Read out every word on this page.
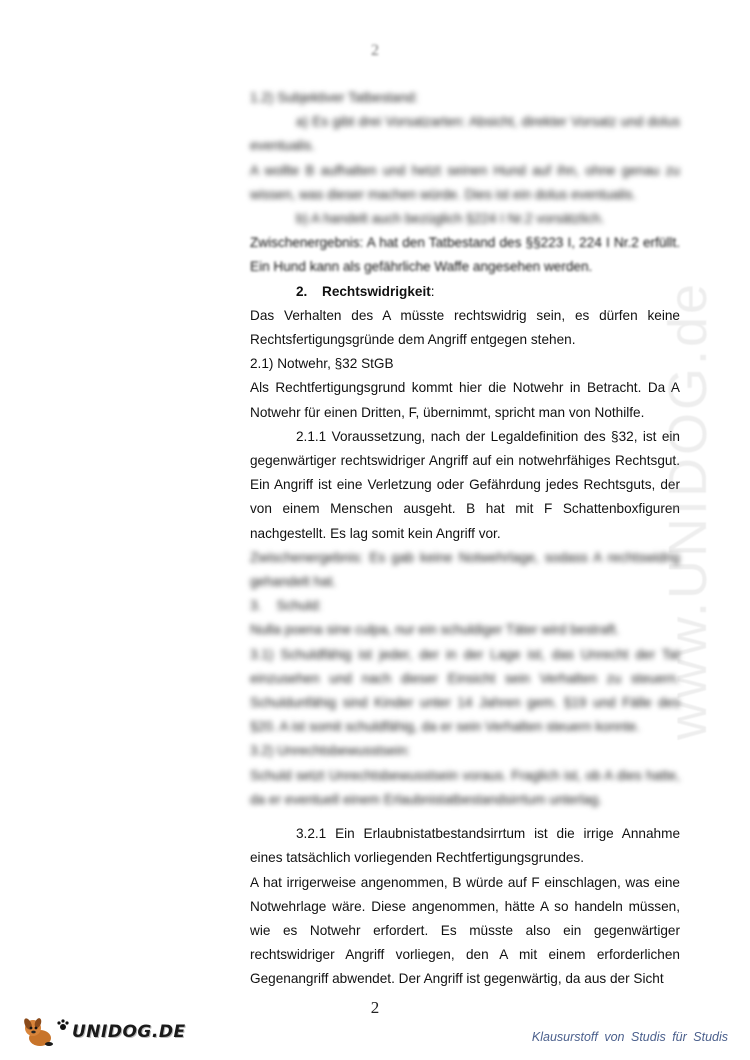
2

1.2) Subjektiver Tatbestand:

a) Es gibt drei Vorsatzarten: Absicht, direkter Vorsatz und dolus eventualis.

A wollte B aufhalten und hetzt seinen Hund auf ihn, ohne genau zu wissen, was dieser machen würde. Dies ist ein dolus eventualis.

b) A handelt auch bezüglich §224 I Nr.2 vorsätzlich.

Zwischenergebnis: A hat den Tatbestand des §§223 I, 224 I Nr.2 erfüllt. Ein Hund kann als gefährliche Waffe angesehen werden.

2. Rechtswidrigkeit:

Das Verhalten des A müsste rechtswidrig sein, es dürfen keine Rechtsfertigungsgründe dem Angriff entgegen stehen.

2.1) Notwehr, §32 StGB

Als Rechtfertigungsgrund kommt hier die Notwehr in Betracht. Da A Notwehr für einen Dritten, F, übernimmt, spricht man von Nothilfe.

2.1.1 Voraussetzung, nach der Legaldefinition des §32, ist ein gegenwärtiger rechtswidriger Angriff auf ein notwehrfähiges Rechtsgut. Ein Angriff ist eine Verletzung oder Gefährdung jedes Rechtsguts, der von einem Menschen ausgeht. B hat mit F Schattenboxfiguren nachgestellt. Es lag somit kein Angriff vor.

Zwischenergebnis: Es gab keine Notwehrlage, sodass A rechtswidrig gehandelt hat.

3.    Schuld:

Nulla poena sine culpa, nur ein schuldiger Täter wird bestraft.

3.1) Schuldfähig ist jeder, der in der Lage ist, das Unrecht der Tat einzusehen und nach dieser Einsicht sein Verhalten zu steuern. Schuldunfähig sind Kinder unter 14 Jahren gem. §19 und Fälle des §20. A ist somit schuldfähig, da er sein Verhalten steuern konnte.

3.2) Unrechtsbewusstsein:

Schuld setzt Unrechtsbewusstsein voraus. Fraglich ist, ob A dies hatte, da er eventuell einem Erlaubnistatbestandsirrtum unterlag.

3.2.1 Ein Erlaubnistatbestandsirrtum ist die irrige Annahme eines tatsächlich vorliegenden Rechtfertigungsgrundes.

A hat irrigerweise angenommen, B würde auf F einschlagen, was eine Notwehrlage wäre. Diese angenommen, hätte A so handeln müssen, wie es Notwehr erfordert. Es müsste also ein gegenwärtiger rechtswidriger Angriff vorliegen, den A mit einem erforderlichen Gegenangriff abwendet. Der Angriff ist gegenwärtig, da aus der Sicht

www.UNIDOG.de
2
UNIDOG.DE	Klausurstoff von Studis für Studis
